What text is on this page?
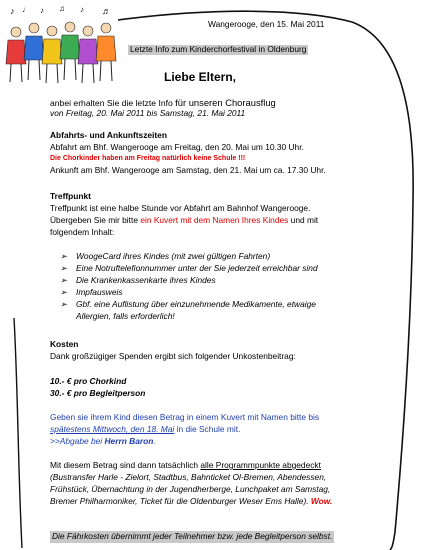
♪ ♩ ♪ ♫ ♪ ♬
Wangerooge, den 15. Mai 2011
Letzte Info zum Kinderchorfestival in Oldenburg
Liebe Eltern,
anbei erhalten Sie die letzte Info für unseren Chorausflug
von Freitag, 20. Mai 2011 bis Samstag, 21. Mai 2011
Abfahrts- und Ankunftszeiten
Abfahrt am Bhf. Wangerooge am Freitag, den 20. Mai um 10.30 Uhr.
Die Chorkinder haben am Freitag natürlich keine Schule !!!
Ankunft am Bhf. Wangerooge am Samstag, den 21. Mai um ca. 17.30 Uhr.
Treffpunkt
Treffpunkt ist eine halbe Stunde vor Abfahrt am Bahnhof Wangerooge.
Übergeben Sie mir bitte ein Kuvert mit dem Namen Ihres Kindes und mit
folgendem Inhalt:
➢ WoogeCard ihres Kindes (mit zwei gültigen Fahrten)
➢ Eine Notrufteleﬁonnummer unter der Sie jederzeit erreichbar sind
➢ Die Krankenkassenkarte ihres Kindes
➢ Impfausweis
➢ Gbf. eine Auflistung über einzunehmende Medikamente, etwaige
Allergien, falls erforderlich!
Kosten
Dank großzügiger Spenden ergibt sich folgender Unkostenbeitrag:
10.- € pro Chorkind
30.- € pro Begleitperson
Geben sie ihrem Kind diesen Betrag in einem Kuvert mit Namen bitte bis
spätestens Mittwoch, den 18. Mai in die Schule mit.
>>Abgabe bei Herrn Baron.
Mit diesem Betrag sind dann tatsächlich alle Programmpunkte abgedeckt
(Bustransfer Harle - Zielort, Stadtbus, Bahnticket Ol-Bremen, Abendessen,
Frühstück, Übernachtung in der Jugendherberge, Lunchpaket am Samstag,
Bremer Philharmoniker, Ticket für die Oldenburger Weser Ems Halle). Wow.
Die Fährkosten übernimmt jeder Teilnehmer bzw. jede Begleitperson selbst.
